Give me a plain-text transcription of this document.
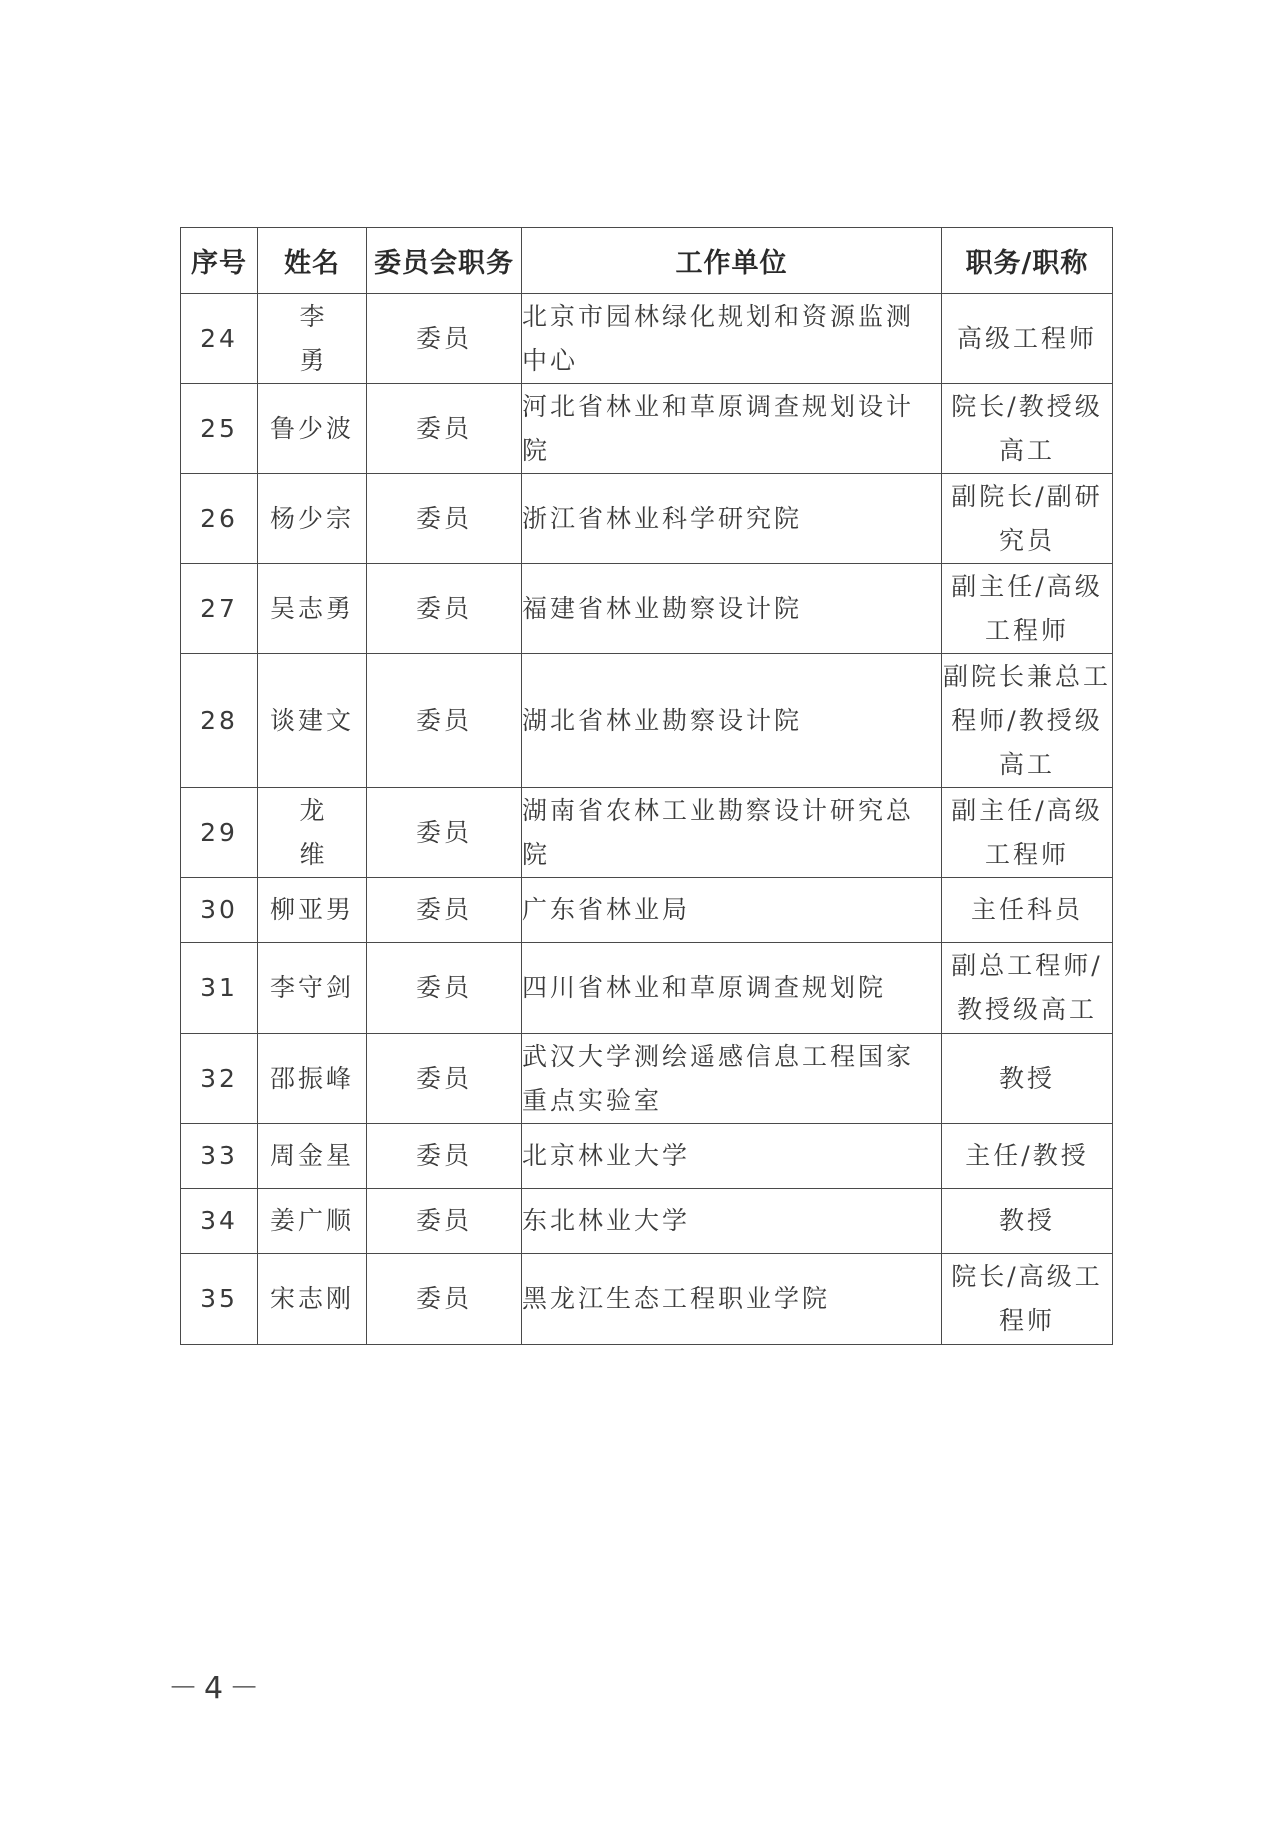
序号	姓名	委员会职务	工作单位	职务/职称
24	李 勇	委员	北京市园林绿化规划和资源监测中心	高级工程师
25	鲁少波	委员	河北省林业和草原调查规划设计院	院长/教授级高工
26	杨少宗	委员	浙江省林业科学研究院	副院长/副研究员
27	吴志勇	委员	福建省林业勘察设计院	副主任/高级工程师
28	谈建文	委员	湖北省林业勘察设计院	副院长兼总工程师/教授级高工
29	龙 维	委员	湖南省农林工业勘察设计研究总院	副主任/高级工程师
30	柳亚男	委员	广东省林业局	主任科员
31	李守剑	委员	四川省林业和草原调查规划院	副总工程师/教授级高工
32	邵振峰	委员	武汉大学测绘遥感信息工程国家重点实验室	教授
33	周金星	委员	北京林业大学	主任/教授
34	姜广顺	委员	东北林业大学	教授
35	宋志刚	委员	黑龙江生态工程职业学院	院长/高级工程师
－4－
